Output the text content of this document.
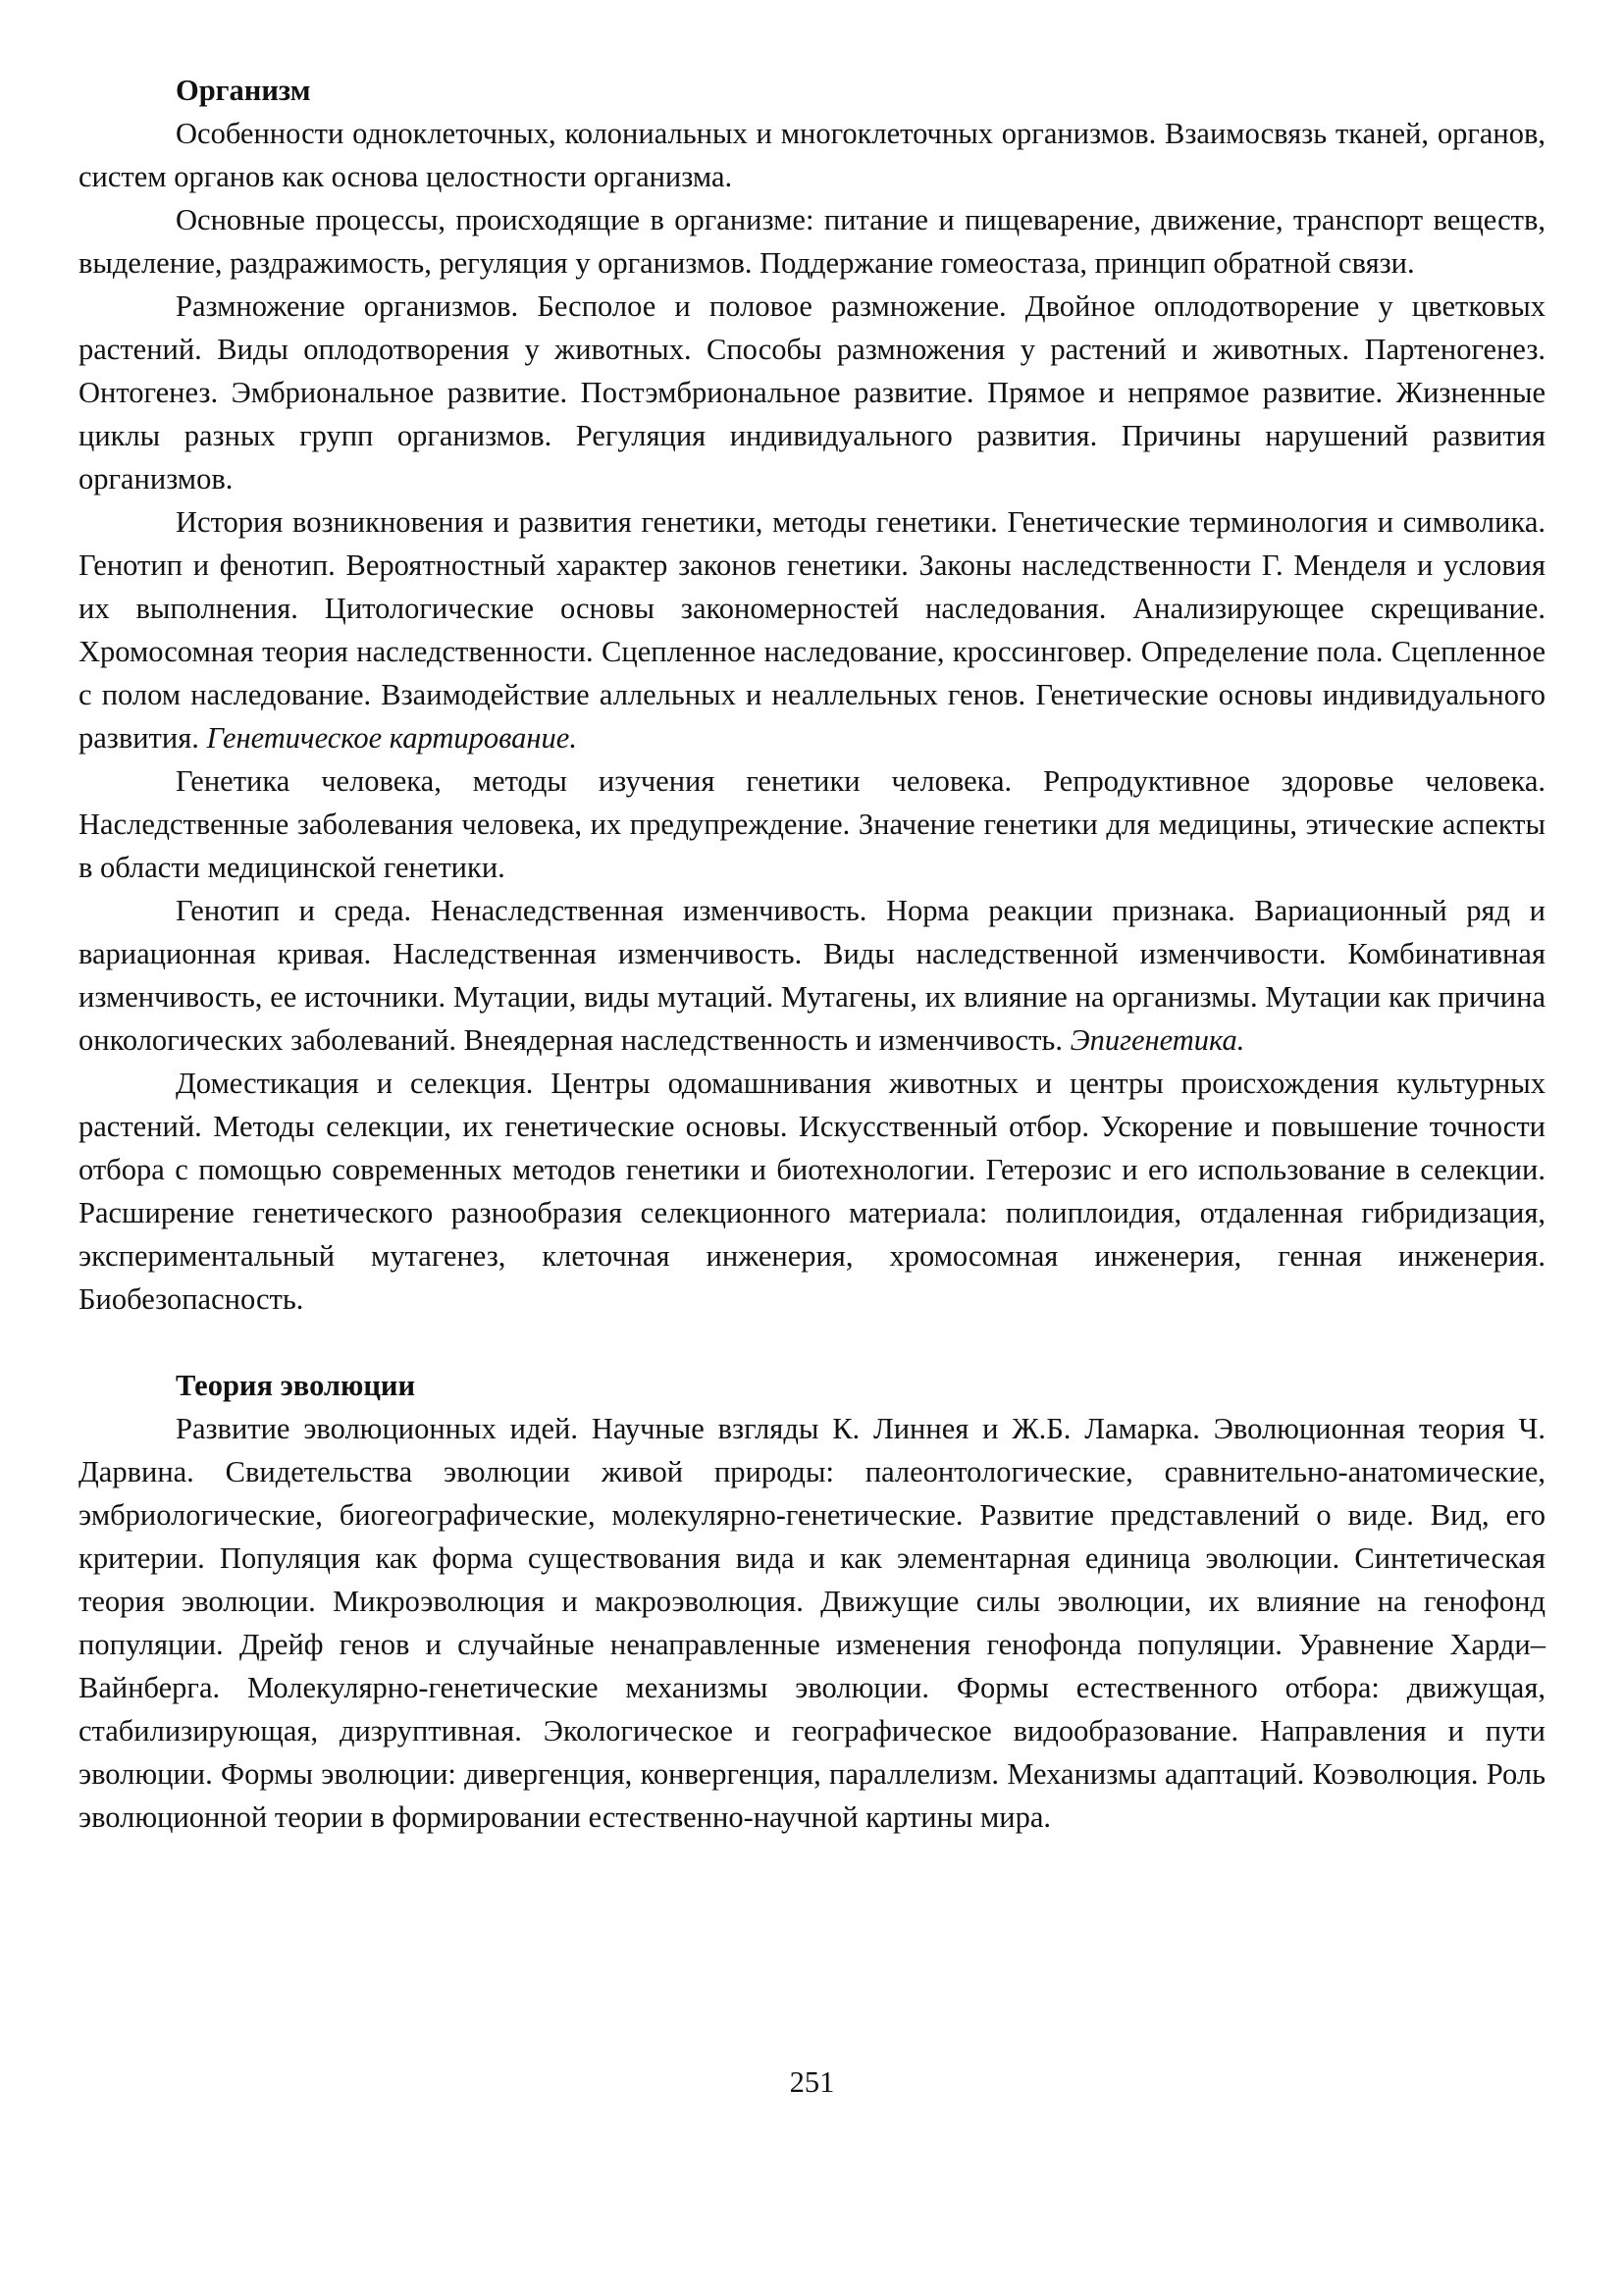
Организм

Особенности одноклеточных, колониальных и многоклеточных организмов. Взаимосвязь тканей, органов, систем органов как основа целостности организма.

Основные процессы, происходящие в организме: питание и пищеварение, движение, транспорт веществ, выделение, раздражимость, регуляция у организмов. Поддержание гомеостаза, принцип обратной связи.

Размножение организмов. Бесполое и половое размножение. Двойное оплодотворение у цветковых растений. Виды оплодотворения у животных. Способы размножения у растений и животных. Партеногенез. Онтогенез. Эмбриональное развитие. Постэмбриональное развитие. Прямое и непрямое развитие. Жизненные циклы разных групп организмов. Регуляция индивидуального развития. Причины нарушений развития организмов.

История возникновения и развития генетики, методы генетики. Генетические терминология и символика. Генотип и фенотип. Вероятностный характер законов генетики. Законы наследственности Г. Менделя и условия их выполнения. Цитологические основы закономерностей наследования. Анализирующее скрещивание. Хромосомная теория наследственности. Сцепленное наследование, кроссинговер. Определение пола. Сцепленное с полом наследование. Взаимодействие аллельных и неаллельных генов. Генетические основы индивидуального развития. Генетическое картирование.

Генетика человека, методы изучения генетики человека. Репродуктивное здоровье человека. Наследственные заболевания человека, их предупреждение. Значение генетики для медицины, этические аспекты в области медицинской генетики.

Генотип и среда. Ненаследственная изменчивость. Норма реакции признака. Вариационный ряд и вариационная кривая. Наследственная изменчивость. Виды наследственной изменчивости. Комбинативная изменчивость, ее источники. Мутации, виды мутаций. Мутагены, их влияние на организмы. Мутации как причина онкологических заболеваний. Внеядерная наследственность и изменчивость. Эпигенетика.

Доместикация и селекция. Центры одомашнивания животных и центры происхождения культурных растений. Методы селекции, их генетические основы. Искусственный отбор. Ускорение и повышение точности отбора с помощью современных методов генетики и биотехнологии. Гетерозис и его использование в селекции. Расширение генетического разнообразия селекционного материала: полиплоидия, отдаленная гибридизация, экспериментальный мутагенез, клеточная инженерия, хромосомная инженерия, генная инженерия. Биобезопасность.

Теория эволюции

Развитие эволюционных идей. Научные взгляды К. Линнея и Ж.Б. Ламарка. Эволюционная теория Ч. Дарвина. Свидетельства эволюции живой природы: палеонтологические, сравнительно-анатомические, эмбриологические, биогеографические, молекулярно-генетические. Развитие представлений о виде. Вид, его критерии. Популяция как форма существования вида и как элементарная единица эволюции. Синтетическая теория эволюции. Микроэволюция и макроэволюция. Движущие силы эволюции, их влияние на генофонд популяции. Дрейф генов и случайные ненаправленные изменения генофонда популяции. Уравнение Харди–Вайнберга. Молекулярно-генетические механизмы эволюции. Формы естественного отбора: движущая, стабилизирующая, дизруптивная. Экологическое и географическое видообразование. Направления и пути эволюции. Формы эволюции: дивергенция, конвергенция, параллелизм. Механизмы адаптаций. Коэволюция. Роль эволюционной теории в формировании естественно-научной картины мира.

251
